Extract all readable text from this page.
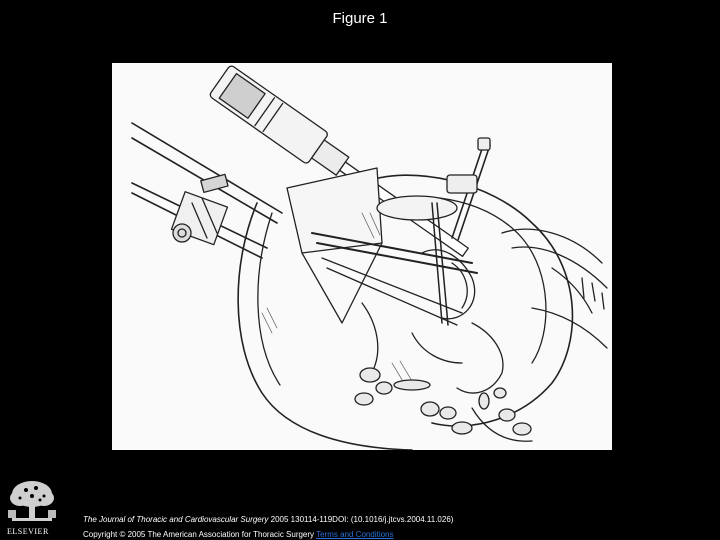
Figure 1
ELSEVIER
The Journal of Thoracic and Cardiovascular Surgery 2005 130114-119DOI: (10.1016/j.jtcvs.2004.11.026)
Copyright © 2005 The American Association for Thoracic Surgery Terms and Conditions
